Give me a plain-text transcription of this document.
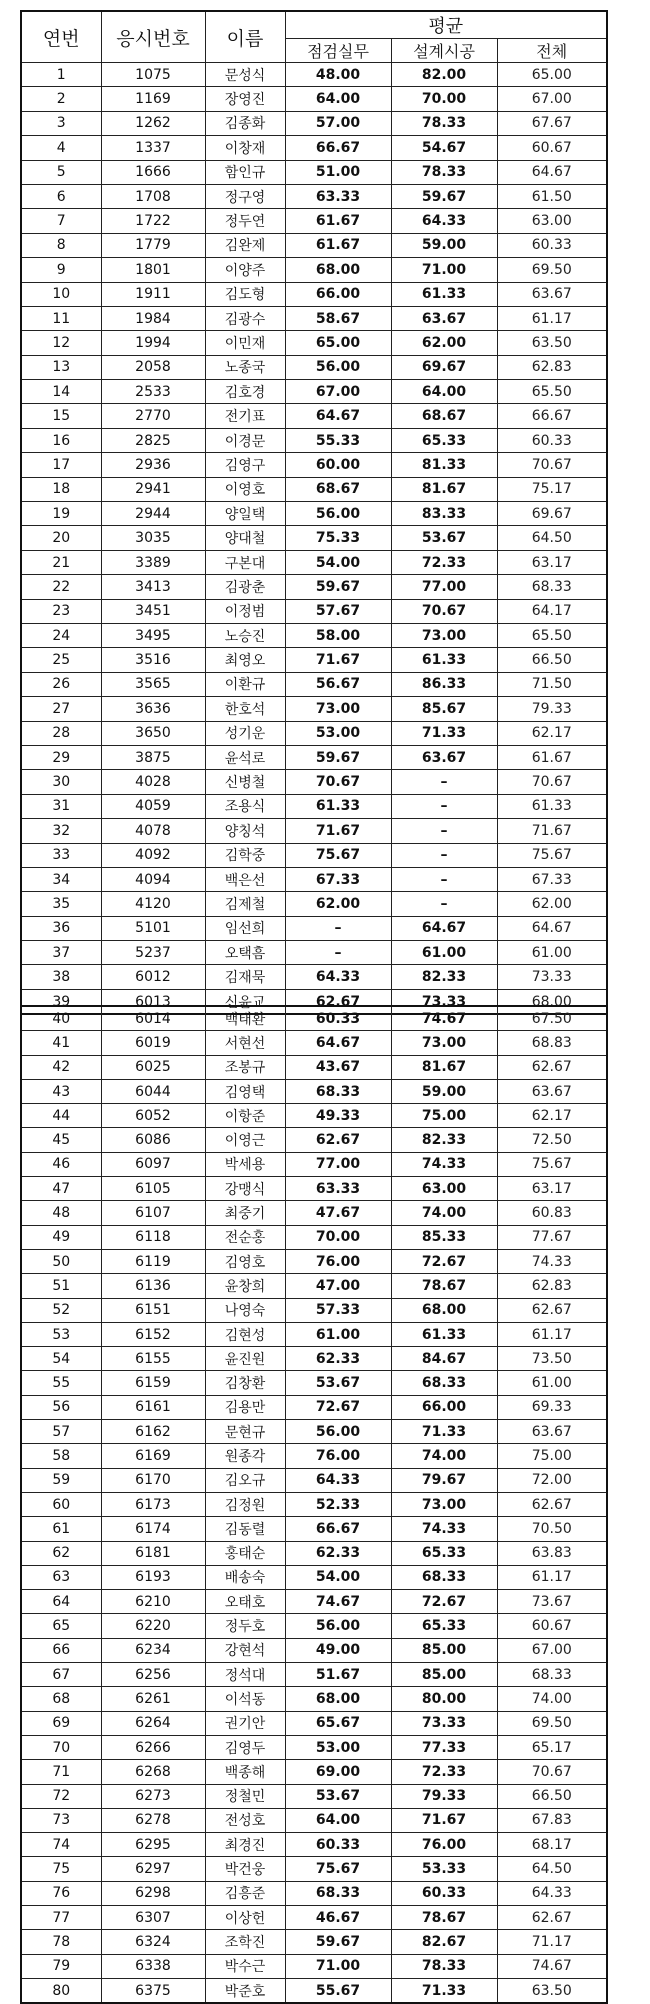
연번	응시번호	이름	평균		
			점검실무	설계시공	전체
1	1075	문성식	48.00	82.00	65.00
2	1169	장영진	64.00	70.00	67.00
3	1262	김종화	57.00	78.33	67.67
4	1337	이창재	66.67	54.67	60.67
5	1666	함인규	51.00	78.33	64.67
6	1708	정구영	63.33	59.67	61.50
7	1722	정두연	61.67	64.33	63.00
8	1779	김완제	61.67	59.00	60.33
9	1801	이양주	68.00	71.00	69.50
10	1911	김도형	66.00	61.33	63.67
11	1984	김광수	58.67	63.67	61.17
12	1994	이민재	65.00	62.00	63.50
13	2058	노종국	56.00	69.67	62.83
14	2533	김호경	67.00	64.00	65.50
15	2770	전기표	64.67	68.67	66.67
16	2825	이경문	55.33	65.33	60.33
17	2936	김영구	60.00	81.33	70.67
18	2941	이영호	68.67	81.67	75.17
19	2944	양일택	56.00	83.33	69.67
20	3035	양대철	75.33	53.67	64.50
21	3389	구본대	54.00	72.33	63.17
22	3413	김광춘	59.67	77.00	68.33
23	3451	이정범	57.67	70.67	64.17
24	3495	노승진	58.00	73.00	65.50
25	3516	최영오	71.67	61.33	66.50
26	3565	이환규	56.67	86.33	71.50
27	3636	한호석	73.00	85.67	79.33
28	3650	성기운	53.00	71.33	62.17
29	3875	윤석로	59.67	63.67	61.67
30	4028	신병철	70.67	–	70.67
31	4059	조용식	61.33	–	61.33
32	4078	양칭석	71.67	–	71.67
33	4092	김학중	75.67	–	75.67
34	4094	백은선	67.33	–	67.33
35	4120	김제철	62.00	–	62.00
36	5101	임선희	–	64.67	64.67
37	5237	오택흠	–	61.00	61.00
38	6012	김재묵	64.33	82.33	73.33
39	6013	신윤교	62.67	73.33	68.00
40	6014	백태환	60.33	74.67	67.50
41	6019	서현선	64.67	73.00	68.83
42	6025	조봉규	43.67	81.67	62.67
43	6044	김영택	68.33	59.00	63.67
44	6052	이항준	49.33	75.00	62.17
45	6086	이영근	62.67	82.33	72.50
46	6097	박세용	77.00	74.33	75.67
47	6105	강맹식	63.33	63.00	63.17
48	6107	최중기	47.67	74.00	60.83
49	6118	전순홍	70.00	85.33	77.67
50	6119	김영호	76.00	72.67	74.33
51	6136	윤창희	47.00	78.67	62.83
52	6151	나영숙	57.33	68.00	62.67
53	6152	김현성	61.00	61.33	61.17
54	6155	윤진원	62.33	84.67	73.50
55	6159	김창환	53.67	68.33	61.00
56	6161	김용만	72.67	66.00	69.33
57	6162	문현규	56.00	71.33	63.67
58	6169	원종각	76.00	74.00	75.00
59	6170	김오규	64.33	79.67	72.00
60	6173	김정원	52.33	73.00	62.67
61	6174	김동렬	66.67	74.33	70.50
62	6181	홍태순	62.33	65.33	63.83
63	6193	배송숙	54.00	68.33	61.17
64	6210	오태호	74.67	72.67	73.67
65	6220	정두호	56.00	65.33	60.67
66	6234	강현석	49.00	85.00	67.00
67	6256	정석대	51.67	85.00	68.33
68	6261	이석동	68.00	80.00	74.00
69	6264	권기안	65.67	73.33	69.50
70	6266	김영두	53.00	77.33	65.17
71	6268	백종해	69.00	72.33	70.67
72	6273	정철민	53.67	79.33	66.50
73	6278	전성호	64.00	71.67	67.83
74	6295	최경진	60.33	76.00	68.17
75	6297	박건웅	75.67	53.33	64.50
76	6298	김흥준	68.33	60.33	64.33
77	6307	이상헌	46.67	78.67	62.67
78	6324	조학진	59.67	82.67	71.17
79	6338	박수근	71.00	78.33	74.67
80	6375	박준호	55.67	71.33	63.50
